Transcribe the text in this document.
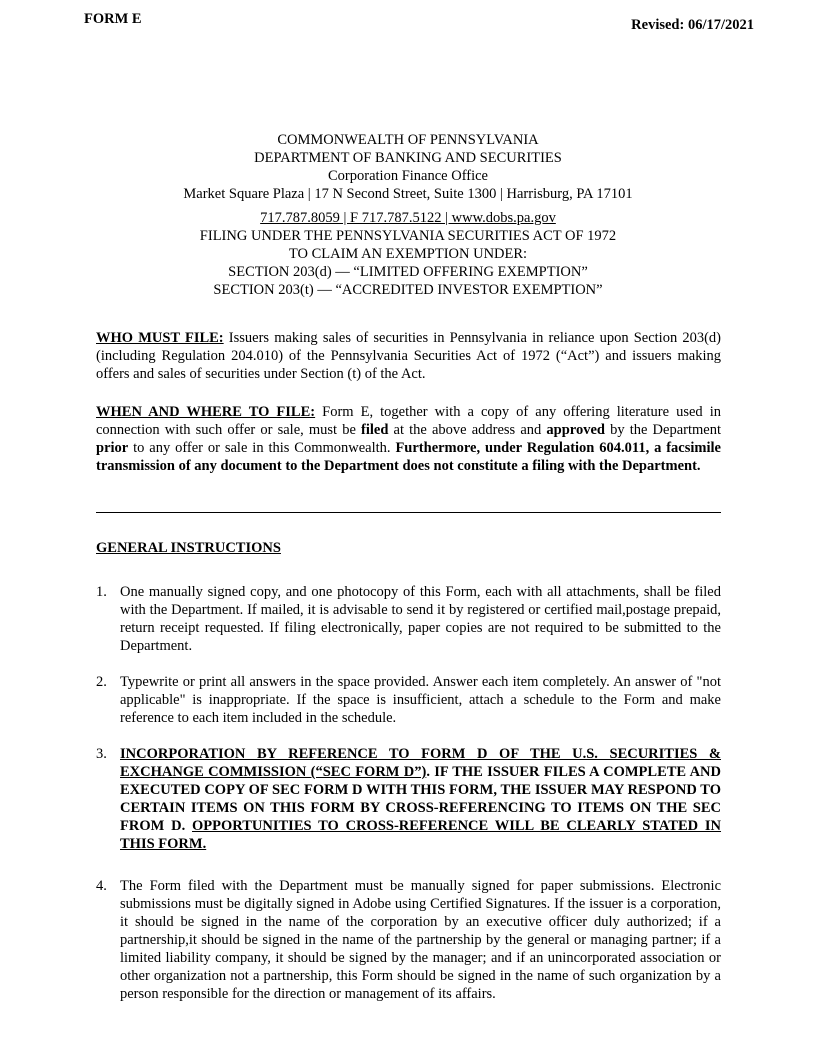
FORM E	Revised: 06/17/2021
COMMONWEALTH OF PENNSYLVANIA
DEPARTMENT OF BANKING AND SECURITIES
Corporation Finance Office
Market Square Plaza | 17 N Second Street, Suite 1300 | Harrisburg, PA 17101
717.787.8059 | F 717.787.5122 | www.dobs.pa.gov
FILING UNDER THE PENNSYLVANIA SECURITIES ACT OF 1972
TO CLAIM AN EXEMPTION UNDER:
SECTION 203(d) — “LIMITED OFFERING EXEMPTION”
SECTION 203(t) — “ACCREDITED INVESTOR EXEMPTION”
WHO MUST FILE: Issuers making sales of securities in Pennsylvania in reliance upon Section 203(d) (including Regulation 204.010) of the Pennsylvania Securities Act of 1972 (“Act”) and issuers making offers and sales of securities under Section (t) of the Act.
WHEN AND WHERE TO FILE: Form E, together with a copy of any offering literature used in connection with such offer or sale, must be filed at the above address and approved by the Department prior to any offer or sale in this Commonwealth. Furthermore, under Regulation 604.011, a facsimile transmission of any document to the Department does not constitute a filing with the Department.
GENERAL INSTRUCTIONS
1. One manually signed copy, and one photocopy of this Form, each with all attachments, shall be filed with the Department. If mailed, it is advisable to send it by registered or certified mail,postage prepaid, return receipt requested. If filing electronically, paper copies are not required to be submitted to the Department.
2. Typewrite or print all answers in the space provided. Answer each item completely. An answer of "not applicable" is inappropriate. If the space is insufficient, attach a schedule to the Form and make reference to each item included in the schedule.
3. INCORPORATION BY REFERENCE TO FORM D OF THE U.S. SECURITIES & EXCHANGE COMMISSION (“SEC FORM D”). IF THE ISSUER FILES A COMPLETE AND EXECUTED COPY OF SEC FORM D WITH THIS FORM, THE ISSUER MAY RESPOND TO CERTAIN ITEMS ON THIS FORM BY CROSS-REFERENCING TO ITEMS ON THE SEC FROM D. OPPORTUNITIES TO CROSS-REFERENCE WILL BE CLEARLY STATED IN THIS FORM.
4. The Form filed with the Department must be manually signed for paper submissions. Electronic submissions must be digitally signed in Adobe using Certified Signatures. If the issuer is a corporation, it should be signed in the name of the corporation by an executive officer duly authorized; if a partnership,it should be signed in the name of the partnership by the general or managing partner; if a limited liability company, it should be signed by the manager; and if an unincorporated association or other organization not a partnership, this Form should be signed in the name of such organization by a person responsible for the direction or management of its affairs.
